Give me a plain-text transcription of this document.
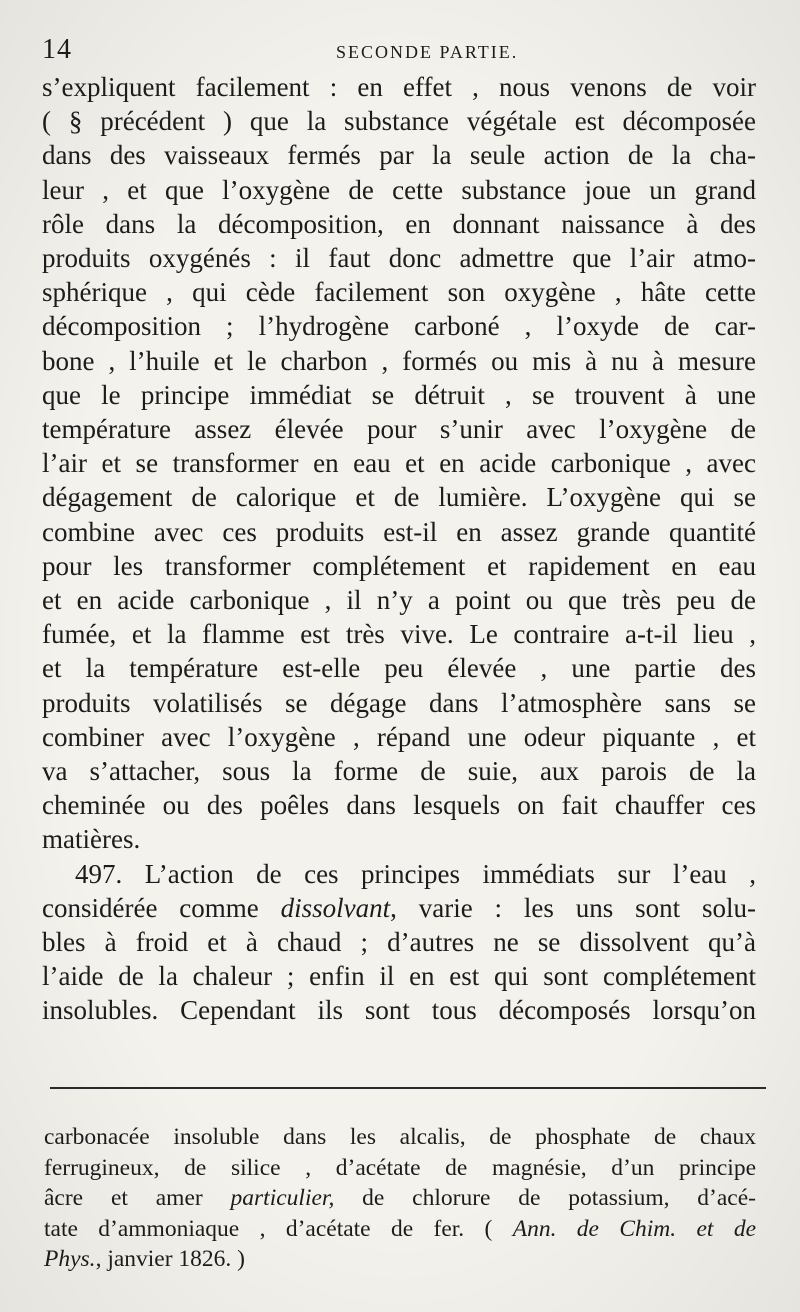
14	SECONDE PARTIE.
s’expliquent facilement : en effet , nous venons de voir
( § précédent ) que la substance végétale est décomposée
dans des vaisseaux fermés par la seule action de la cha-
leur , et que l’oxygène de cette substance joue un grand
rôle dans la décomposition, en donnant naissance à des
produits oxygénés : il faut donc admettre que l’air atmo-
sphérique , qui cède facilement son oxygène , hâte cette
décomposition ; l’hydrogène carboné , l’oxyde de car-
bone , l’huile et le charbon , formés ou mis à nu à mesure
que le principe immédiat se détruit , se trouvent à une
température assez élevée pour s’unir avec l’oxygène de
l’air et se transformer en eau et en acide carbonique , avec
dégagement de calorique et de lumière. L’oxygène qui se
combine avec ces produits est-il en assez grande quantité
pour les transformer complétement et rapidement en eau
et en acide carbonique , il n’y a point ou que très peu de
fumée, et la flamme est très vive. Le contraire a-t-il lieu ,
et la température est-elle peu élevée , une partie des
produits volatilisés se dégage dans l’atmosphère sans se
combiner avec l’oxygène , répand une odeur piquante , et
va s’attacher, sous la forme de suie, aux parois de la
cheminée ou des poêles dans lesquels on fait chauffer ces
matières.
497. L’action de ces principes immédiats sur l’eau ,
considérée comme dissolvant, varie : les uns sont solu-
bles à froid et à chaud ; d’autres ne se dissolvent qu’à
l’aide de la chaleur ; enfin il en est qui sont complétement
insolubles. Cependant ils sont tous décomposés lorsqu’on
carbonacée insoluble dans les alcalis, de phosphate de chaux
ferrugineux, de silice , d’acétate de magnésie, d’un principe
âcre et amer particulier, de chlorure de potassium, d’acé-
tate d’ammoniaque , d’acétate de fer. ( Ann. de Chim. et de
Phys., janvier 1826. )
